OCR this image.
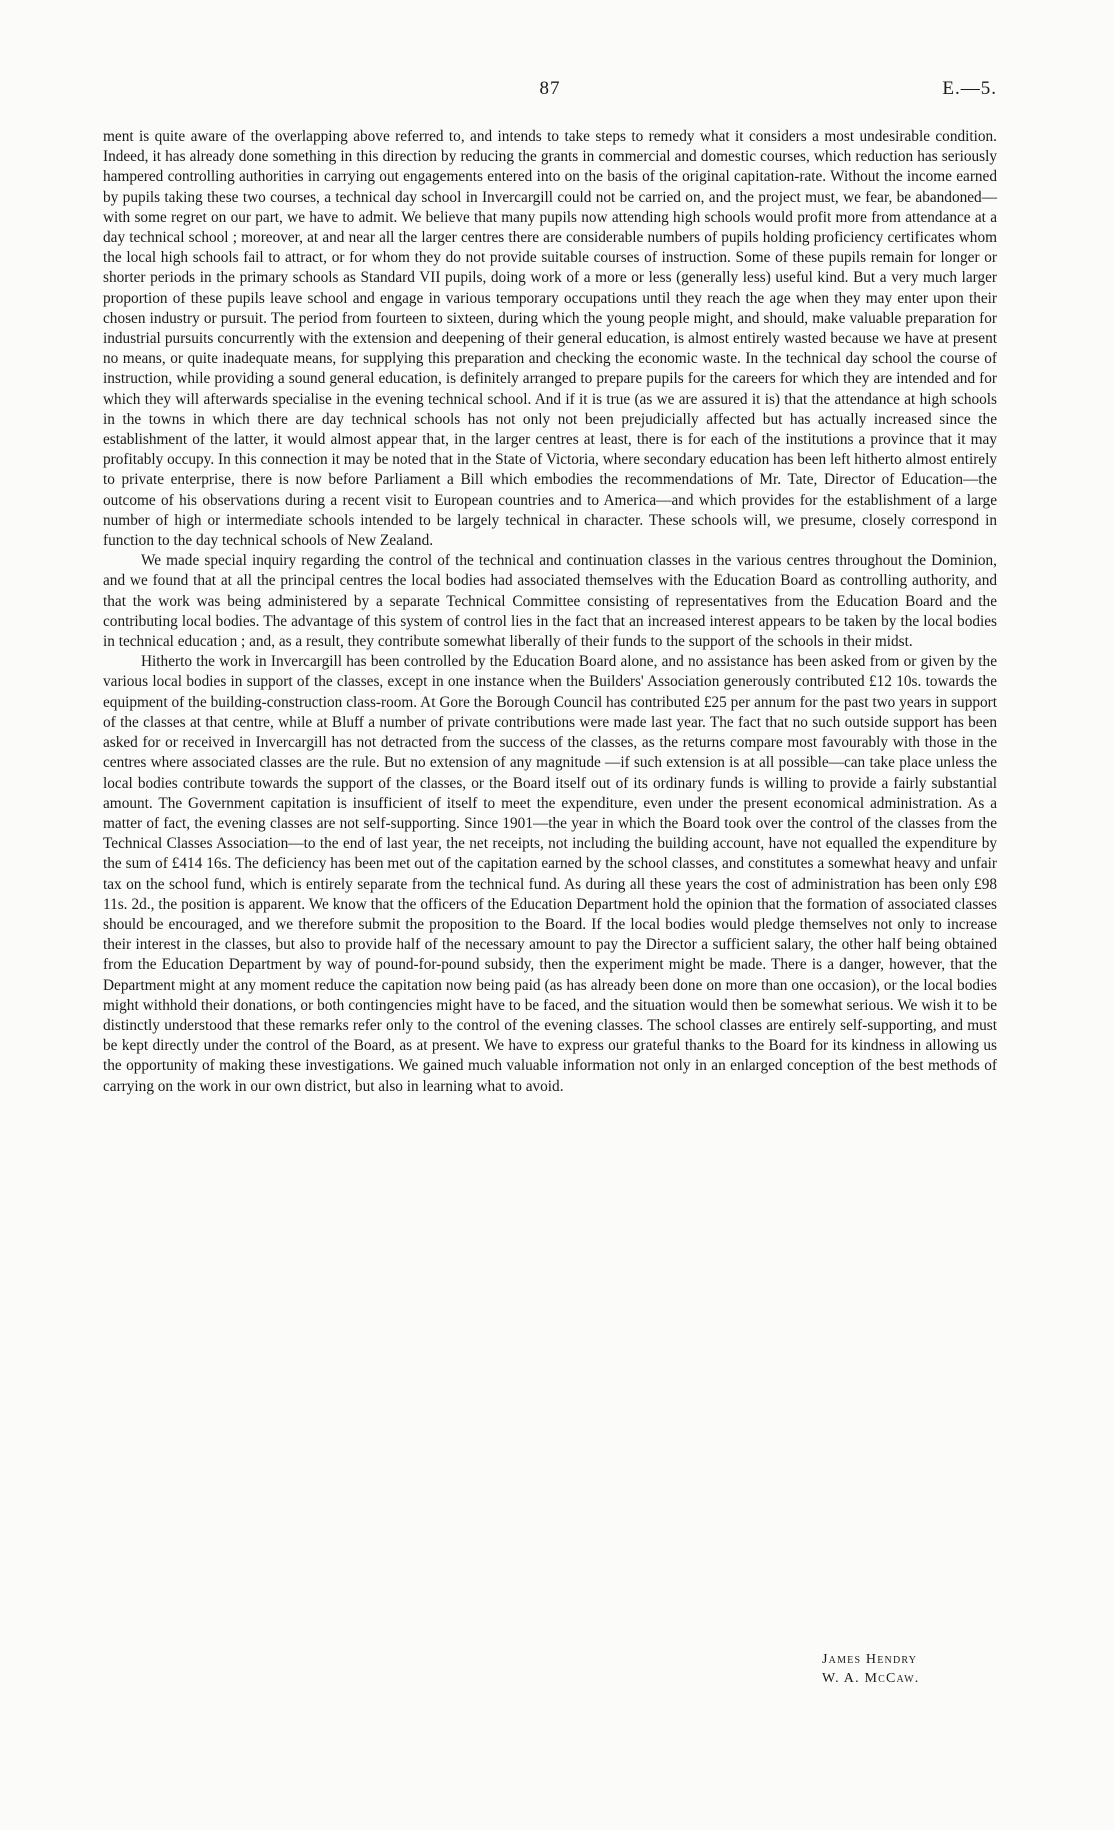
87	E.—5.

ment is quite aware of the overlapping above referred to, and intends to take steps to remedy what it considers a most undesirable condition. Indeed, it has already done something in this direction by reducing the grants in commercial and domestic courses, which reduction has seriously hampered controlling authorities in carrying out engagements entered into on the basis of the original capitation-rate. Without the income earned by pupils taking these two courses, a technical day school in Invercargill could not be carried on, and the project must, we fear, be abandoned—with some regret on our part, we have to admit. We believe that many pupils now attending high schools would profit more from attendance at a day technical school ; moreover, at and near all the larger centres there are considerable numbers of pupils holding proficiency certificates whom the local high schools fail to attract, or for whom they do not provide suitable courses of instruction. Some of these pupils remain for longer or shorter periods in the primary schools as Standard VII pupils, doing work of a more or less (generally less) useful kind. But a very much larger proportion of these pupils leave school and engage in various temporary occupations until they reach the age when they may enter upon their chosen industry or pursuit. The period from fourteen to sixteen, during which the young people might, and should, make valuable preparation for industrial pursuits concurrently with the extension and deepening of their general education, is almost entirely wasted because we have at present no means, or quite inadequate means, for supplying this preparation and checking the economic waste. In the technical day school the course of instruction, while providing a sound general education, is definitely arranged to prepare pupils for the careers for which they are intended and for which they will afterwards specialise in the evening technical school. And if it is true (as we are assured it is) that the attendance at high schools in the towns in which there are day technical schools has not only not been prejudicially affected but has actually increased since the establishment of the latter, it would almost appear that, in the larger centres at least, there is for each of the institutions a province that it may profitably occupy. In this connection it may be noted that in the State of Victoria, where secondary education has been left hitherto almost entirely to private enterprise, there is now before Parliament a Bill which embodies the recommendations of Mr. Tate, Director of Education—the outcome of his observations during a recent visit to European countries and to America—and which provides for the establishment of a large number of high or intermediate schools intended to be largely technical in character. These schools will, we presume, closely correspond in function to the day technical schools of New Zealand.

We made special inquiry regarding the control of the technical and continuation classes in the various centres throughout the Dominion, and we found that at all the principal centres the local bodies had associated themselves with the Education Board as controlling authority, and that the work was being administered by a separate Technical Committee consisting of representatives from the Education Board and the contributing local bodies. The advantage of this system of control lies in the fact that an increased interest appears to be taken by the local bodies in technical education ; and, as a result, they contribute somewhat liberally of their funds to the support of the schools in their midst.

Hitherto the work in Invercargill has been controlled by the Education Board alone, and no assistance has been asked from or given by the various local bodies in support of the classes, except in one instance when the Builders' Association generously contributed £12 10s. towards the equipment of the building-construction class-room. At Gore the Borough Council has contributed £25 per annum for the past two years in support of the classes at that centre, while at Bluff a number of private contributions were made last year. The fact that no such outside support has been asked for or received in Invercargill has not detracted from the success of the classes, as the returns compare most favourably with those in the centres where associated classes are the rule. But no extension of any magnitude —if such extension is at all possible—can take place unless the local bodies contribute towards the support of the classes, or the Board itself out of its ordinary funds is willing to provide a fairly substantial amount. The Government capitation is insufficient of itself to meet the expenditure, even under the present economical administration. As a matter of fact, the evening classes are not self-supporting. Since 1901—the year in which the Board took over the control of the classes from the Technical Classes Association—to the end of last year, the net receipts, not including the building account, have not equalled the expenditure by the sum of £414 16s. The deficiency has been met out of the capitation earned by the school classes, and constitutes a somewhat heavy and unfair tax on the school fund, which is entirely separate from the technical fund. As during all these years the cost of administration has been only £98 11s. 2d., the position is apparent. We know that the officers of the Education Department hold the opinion that the formation of associated classes should be encouraged, and we therefore submit the proposition to the Board. If the local bodies would pledge themselves not only to increase their interest in the classes, but also to provide half of the necessary amount to pay the Director a sufficient salary, the other half being obtained from the Education Department by way of pound-for-pound subsidy, then the experiment might be made. There is a danger, however, that the Department might at any moment reduce the capitation now being paid (as has already been done on more than one occasion), or the local bodies might withhold their donations, or both contingencies might have to be faced, and the situation would then be somewhat serious. We wish it to be distinctly understood that these remarks refer only to the control of the evening classes. The school classes are entirely self-supporting, and must be kept directly under the control of the Board, as at present. We have to express our grateful thanks to the Board for its kindness in allowing us the opportunity of making these investigations. We gained much valuable information not only in an enlarged conception of the best methods of carrying on the work in our own district, but also in learning what to avoid.

James Hendry
W. A. McCaw.
